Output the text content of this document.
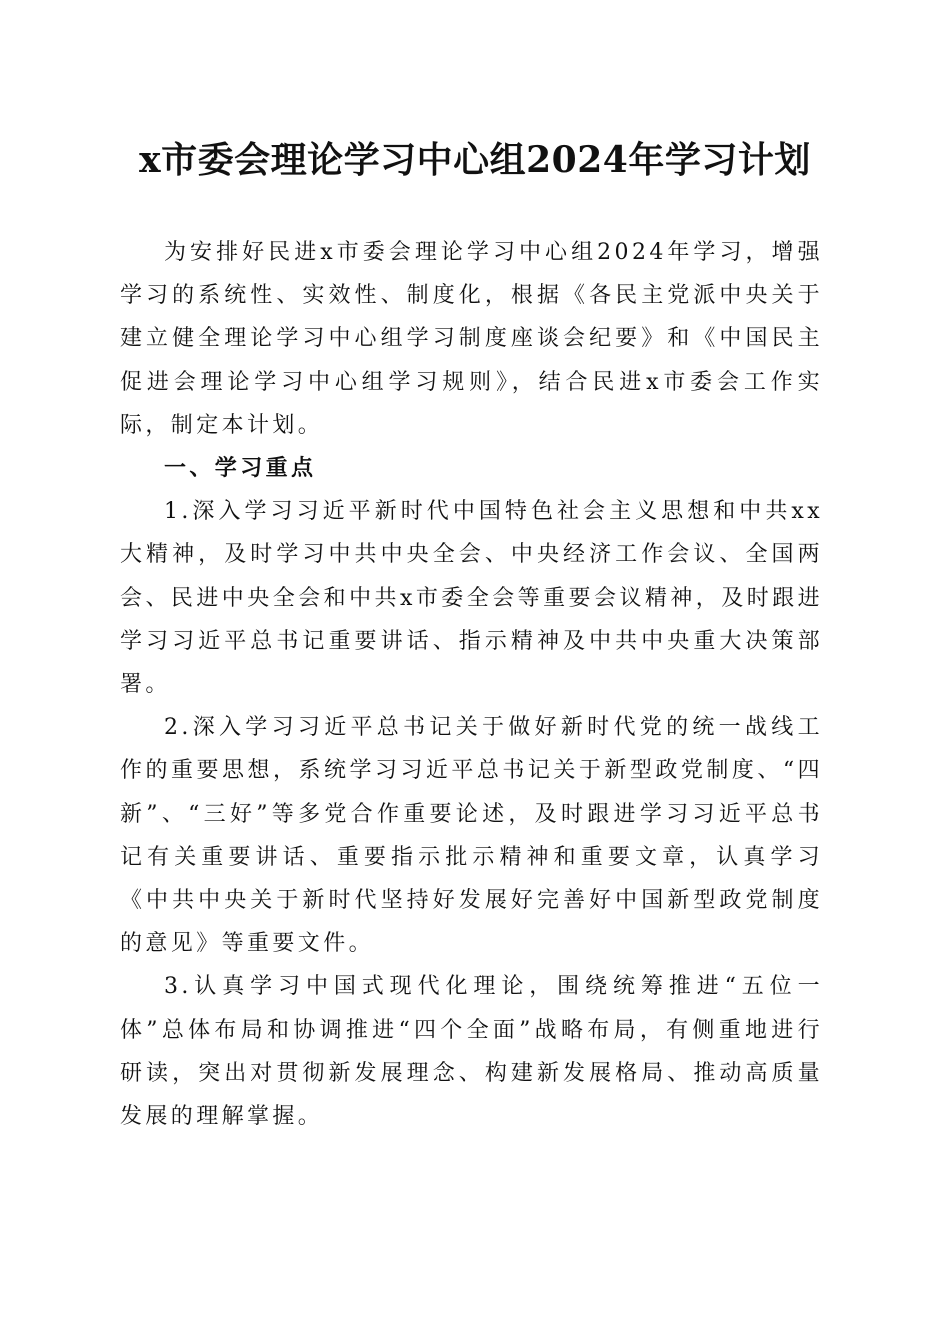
x市委会理论学习中心组2024年学习计划

为安排好民进x市委会理论学习中心组2024年学习，增强学习的系统性、实效性、制度化，根据《各民主党派中央关于建立健全理论学习中心组学习制度座谈会纪要》和《中国民主促进会理论学习中心组学习规则》，结合民进x市委会工作实际，制定本计划。

一、学习重点

1.深入学习习近平新时代中国特色社会主义思想和中共xx大精神，及时学习中共中央全会、中央经济工作会议、全国两会、民进中央全会和中共x市委全会等重要会议精神，及时跟进学习习近平总书记重要讲话、指示精神及中共中央重大决策部署。

2.深入学习习近平总书记关于做好新时代党的统一战线工作的重要思想，系统学习习近平总书记关于新型政党制度、“四新”、“三好”等多党合作重要论述，及时跟进学习习近平总书记有关重要讲话、重要指示批示精神和重要文章，认真学习《中共中央关于新时代坚持好发展好完善好中国新型政党制度的意见》等重要文件。

3.认真学习中国式现代化理论，围绕统筹推进“五位一体”总体布局和协调推进“四个全面”战略布局，有侧重地进行研读，突出对贯彻新发展理念、构建新发展格局、推动高质量发展的理解掌握。
